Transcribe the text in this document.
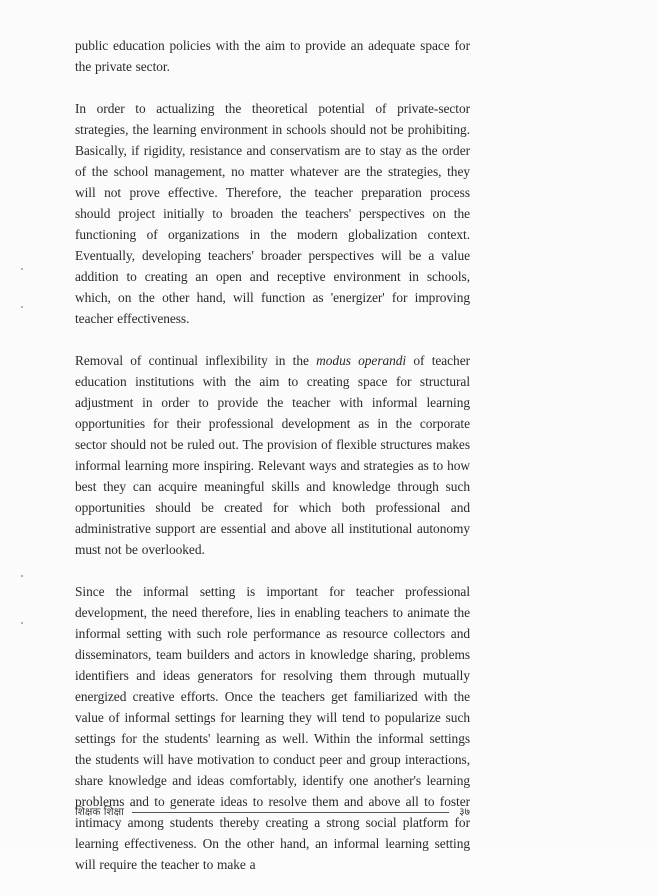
public education policies with the aim to provide an adequate space for the private sector.

In order to actualizing the theoretical potential of private-sector strategies, the learning environment in schools should not be prohibiting. Basically, if rigidity, resistance and conservatism are to stay as the order of the school management, no matter whatever are the strategies, they will not prove effective. Therefore, the teacher preparation process should project initially to broaden the teachers' perspectives on the functioning of organizations in the modern globalization context. Eventually, developing teachers' broader perspectives will be a value addition to creating an open and receptive environment in schools, which, on the other hand, will function as 'energizer' for improving teacher effectiveness.

Removal of continual inflexibility in the modus operandi of teacher education institutions with the aim to creating space for structural adjustment in order to provide the teacher with informal learning opportunities for their professional development as in the corporate sector should not be ruled out. The provision of flexible structures makes informal learning more inspiring. Relevant ways and strategies as to how best they can acquire meaningful skills and knowledge through such opportunities should be created for which both professional and administrative support are essential and above all institutional autonomy must not be overlooked.

Since the informal setting is important for teacher professional development, the need therefore, lies in enabling teachers to animate the informal setting with such role performance as resource collectors and disseminators, team builders and actors in knowledge sharing, problems identifiers and ideas generators for resolving them through mutually energized creative efforts. Once the teachers get familiarized with the value of informal settings for learning they will tend to popularize such settings for the students' learning as well. Within the informal settings the students will have motivation to conduct peer and group interactions, share knowledge and ideas comfortably, identify one another's learning problems and to generate ideas to resolve them and above all to foster intimacy among students thereby creating a strong social platform for learning effectiveness. On the other hand, an informal learning setting will require the teacher to make a

शिक्षक शिक्षा	३७
